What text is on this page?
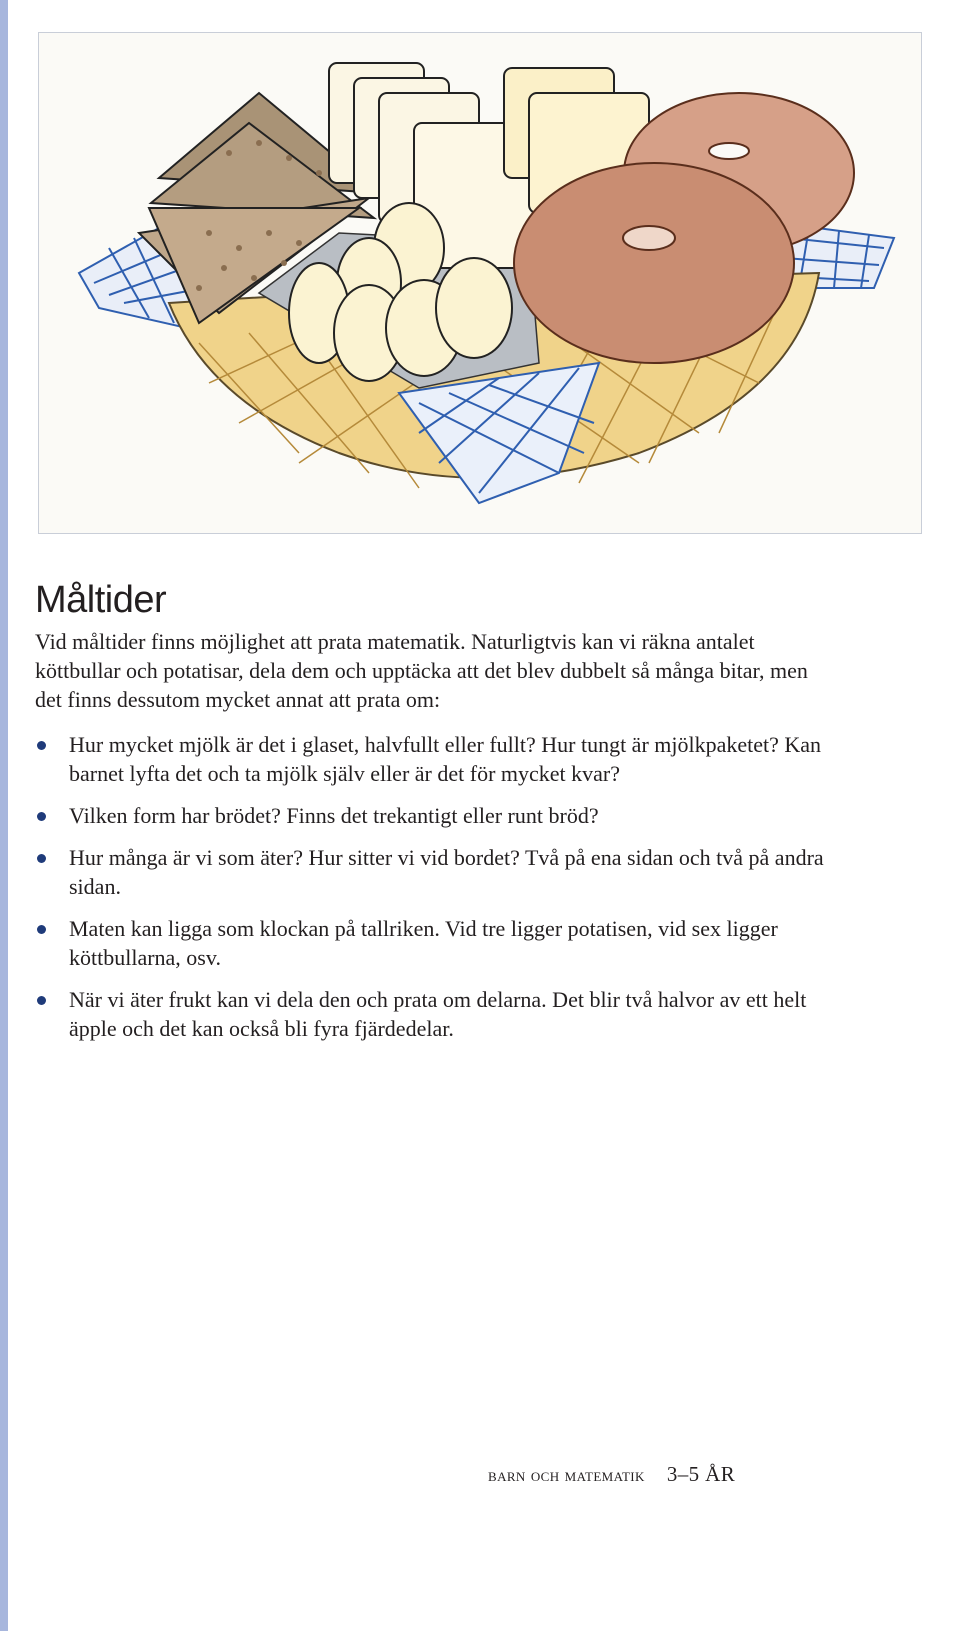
Måltider

Vid måltider finns möjlighet att prata matematik. Naturligtvis kan vi räkna antalet köttbullar och potatisar, dela dem och upptäcka att det blev dubbelt så många bitar, men det finns dessutom mycket annat att prata om:

Hur mycket mjölk är det i glaset, halvfullt eller fullt? Hur tungt är mjölkpaketet? Kan barnet lyfta det och ta mjölk själv eller är det för mycket kvar?
Vilken form har brödet? Finns det trekantigt eller runt bröd?
Hur många är vi som äter? Hur sitter vi vid bordet? Två på ena sidan och två på andra sidan.
Maten kan ligga som klockan på tallriken. Vid tre ligger potatisen, vid sex ligger köttbullarna, osv.
När vi äter frukt kan vi dela den och prata om delarna. Det blir två halvor av ett helt äpple och det kan också bli fyra fjärdedelar.
barn och matematik 3–5 ÅR
